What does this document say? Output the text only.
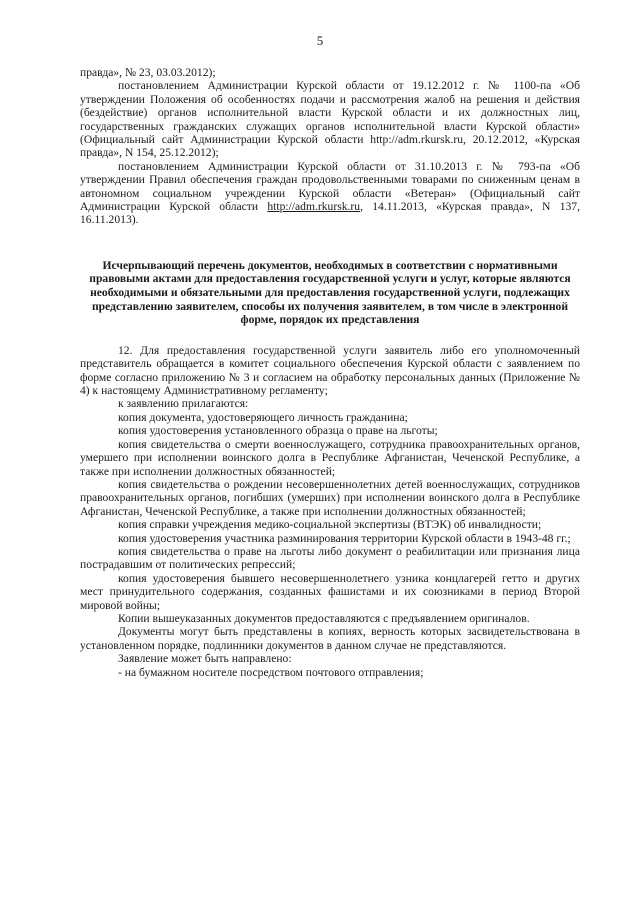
5

правда», № 23, 03.03.2012);

постановлением Администрации Курской области от 19.12.2012 г. № 1100-па «Об утверждении Положения об особенностях подачи и рассмотрения жалоб на решения и действия (бездействие) органов исполнительной власти Курской области и их должностных лиц, государственных гражданских служащих органов исполнительной власти Курской области» (Официальный сайт Администрации Курской области http://adm.rkursk.ru, 20.12.2012, «Курская правда», N 154, 25.12.2012);

постановлением Администрации Курской области от 31.10.2013 г. № 793-па «Об утверждении Правил обеспечения граждан продовольственными товарами по сниженным ценам в автономном социальном учреждении Курской области «Ветеран» (Официальный сайт Администрации Курской области http://adm.rkursk.ru, 14.11.2013, «Курская правда», N 137, 16.11.2013).

Исчерпывающий перечень документов, необходимых в соответствии с нормативными правовыми актами для предоставления государственной услуги и услуг, которые являются необходимыми и обязательными для предоставления государственной услуги, подлежащих представлению заявителем, способы их получения заявителем, в том числе в электронной форме, порядок их представления

12. Для предоставления государственной услуги заявитель либо его уполномоченный представитель обращается в комитет социального обеспечения Курской области с заявлением по форме согласно приложению № 3 и согласием на обработку персональных данных (Приложение № 4) к настоящему Административному регламенту;

к заявлению прилагаются:

копия документа, удостоверяющего личность гражданина;

копия удостоверения установленного образца о праве на льготы;

копия свидетельства о смерти военнослужащего, сотрудника правоохранительных органов, умершего при исполнении воинского долга в Республике Афганистан, Чеченской Республике, а также при исполнении должностных обязанностей;

копия свидетельства о рождении несовершеннолетних детей военнослужащих, сотрудников правоохранительных органов, погибших (умерших) при исполнении воинского долга в Республике Афганистан, Чеченской Республике, а также при исполнении должностных обязанностей;

копия справки учреждения медико-социальной экспертизы (ВТЭК) об инвалидности;

копия удостоверения участника разминирования территории Курской области в 1943-48 гг.;

копия свидетельства о праве на льготы либо документ о реабилитации или признания лица пострадавшим от политических репрессий;

копия удостоверения бывшего несовершеннолетнего узника концлагерей гетто и других мест принудительного содержания, созданных фашистами и их союзниками в период Второй мировой войны;

Копии вышеуказанных документов предоставляются с предъявлением оригиналов.

Документы могут быть представлены в копиях, верность которых засвидетельствована в установленном порядке, подлинники документов в данном случае не представляются.

Заявление может быть направлено:

- на бумажном носителе посредством почтового отправления;
